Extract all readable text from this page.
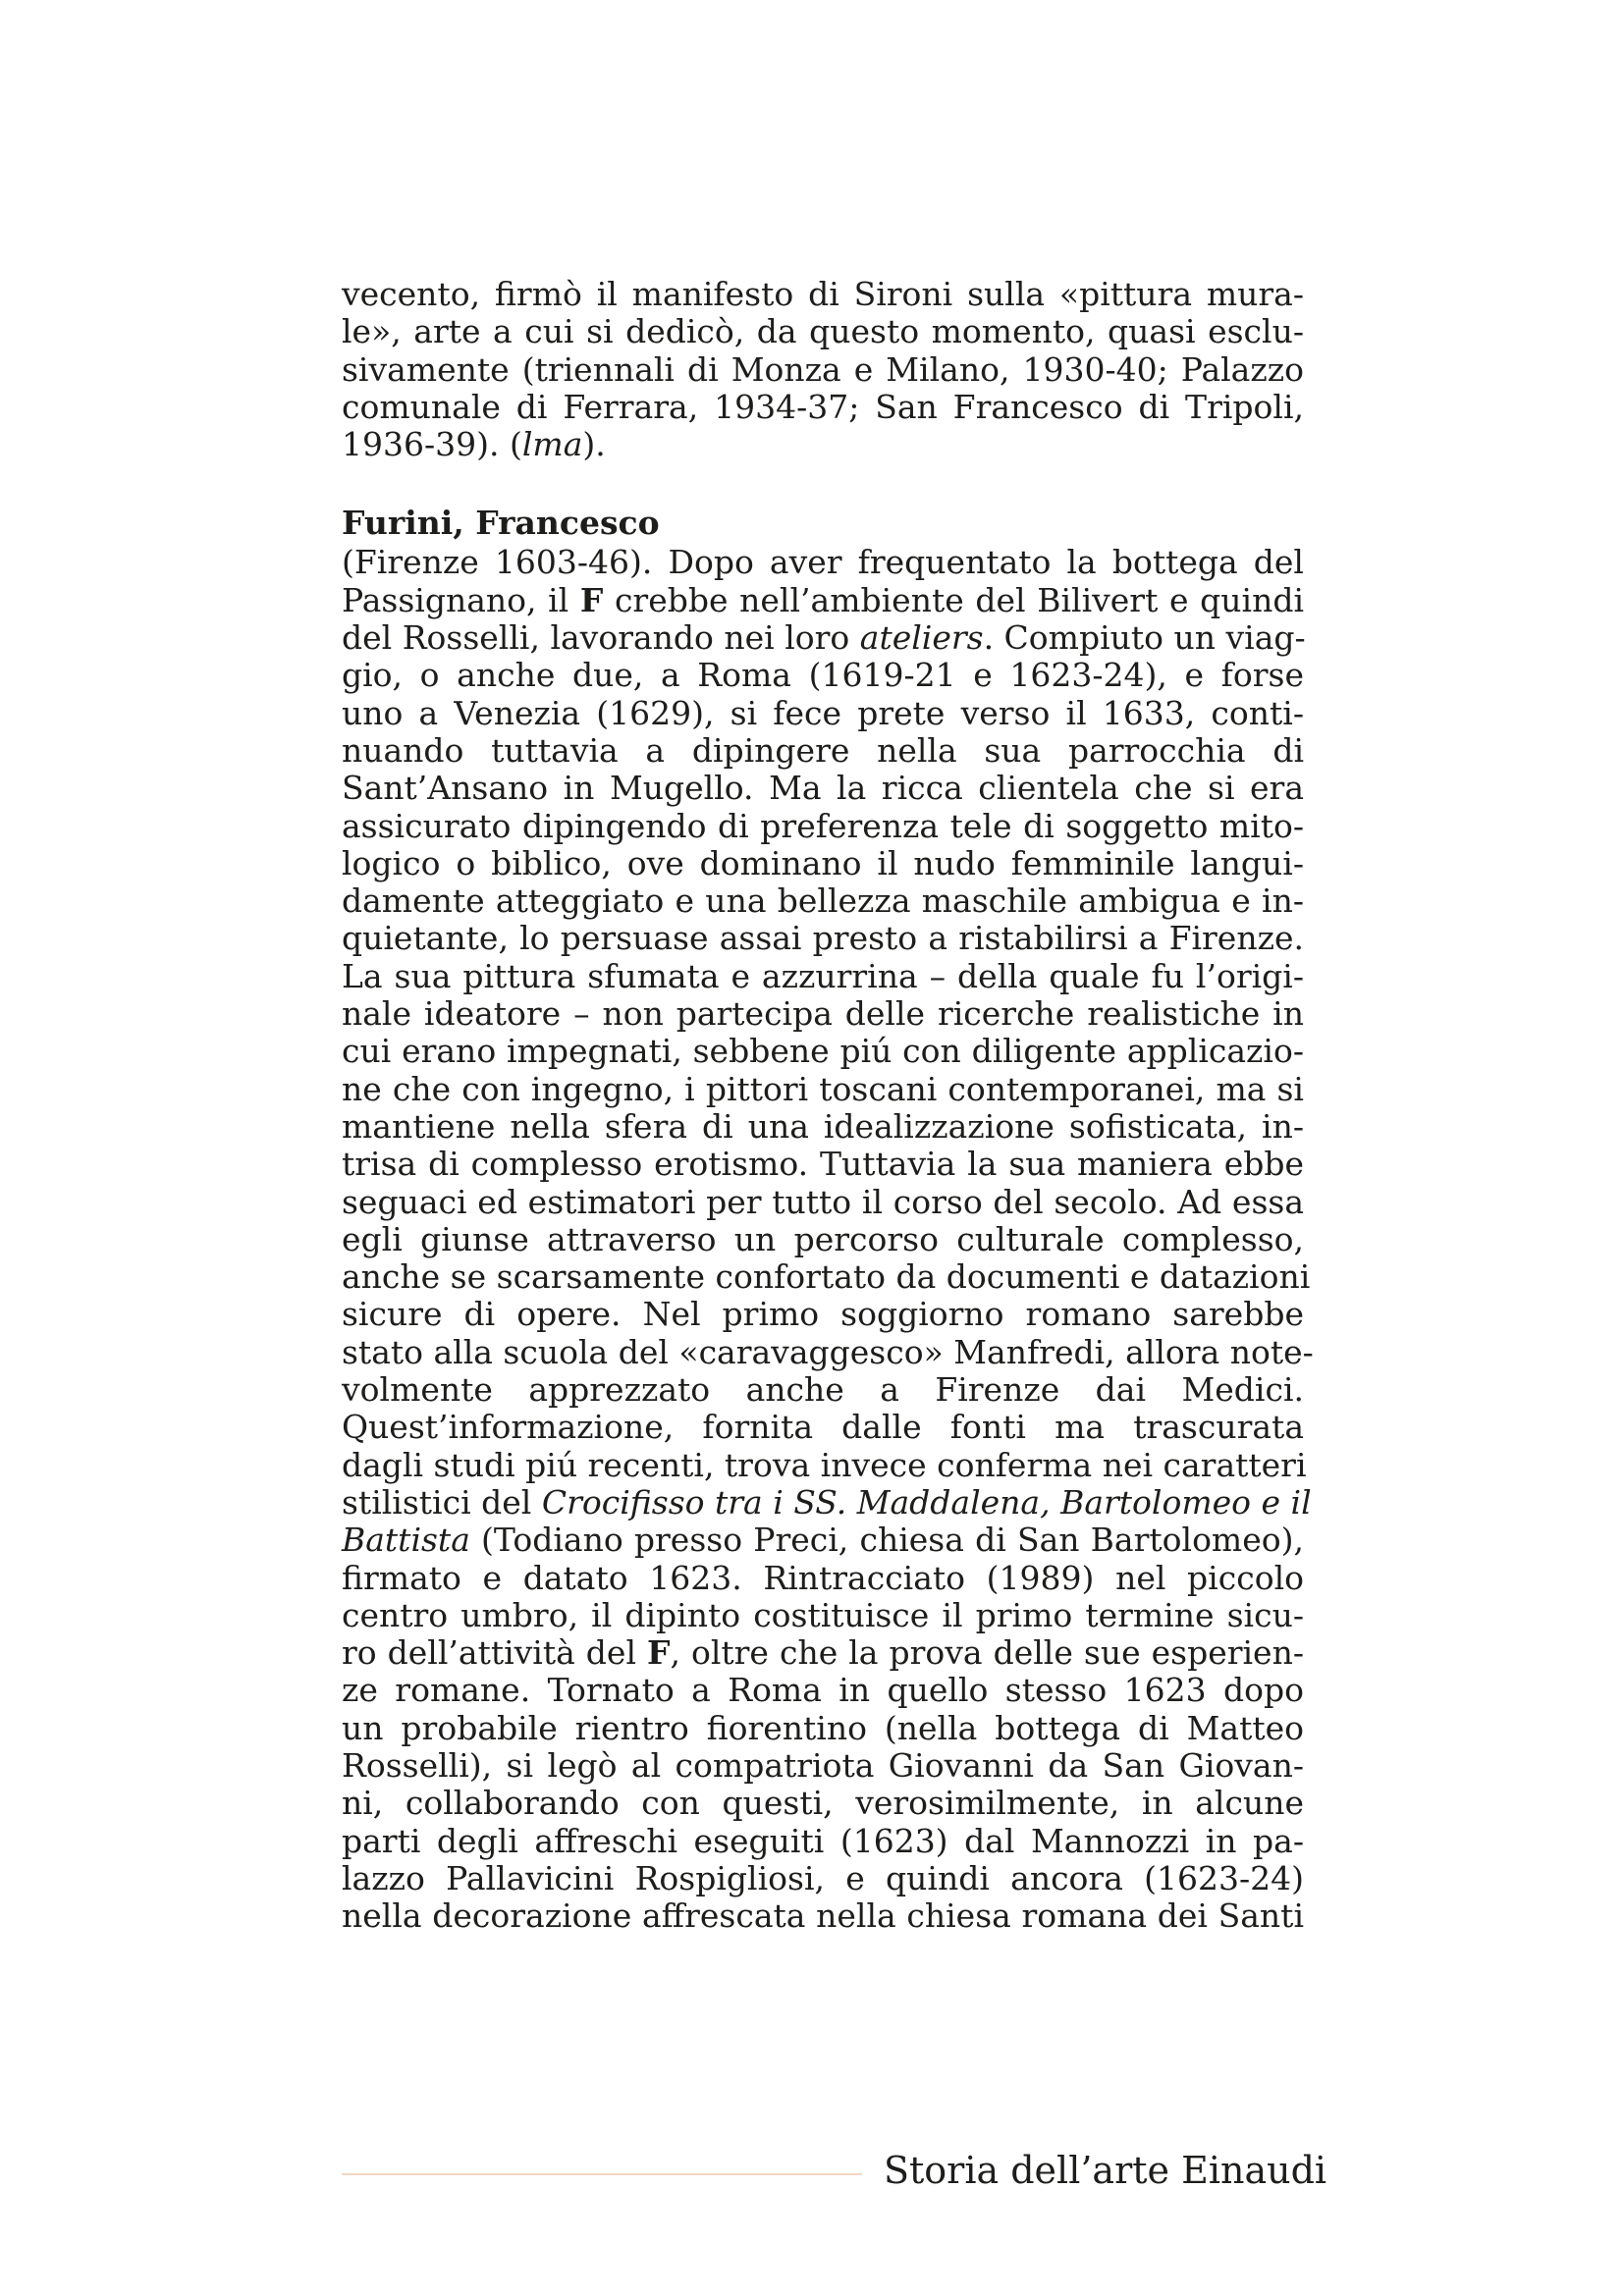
vecento, firmò il manifesto di Sironi sulla «pittura mura-
le», arte a cui si dedicò, da questo momento, quasi esclu-
sivamente (triennali di Monza e Milano, 1930-40; Palazzo
comunale di Ferrara, 1934-37; San Francesco di Tripoli,
1936-39). (lma).
Furini, Francesco
(Firenze 1603-46). Dopo aver frequentato la bottega del
Passignano, il F crebbe nell’ambiente del Bilivert e quindi
del Rosselli, lavorando nei loro ateliers. Compiuto un viag-
gio, o anche due, a Roma (1619-21 e 1623-24), e forse
uno a Venezia (1629), si fece prete verso il 1633, conti-
nuando tuttavia a dipingere nella sua parrocchia di
Sant’Ansano in Mugello. Ma la ricca clientela che si era
assicurato dipingendo di preferenza tele di soggetto mito-
logico o biblico, ove dominano il nudo femminile langui-
damente atteggiato e una bellezza maschile ambigua e in-
quietante, lo persuase assai presto a ristabilirsi a Firenze.
La sua pittura sfumata e azzurrina – della quale fu l’origi-
nale ideatore – non partecipa delle ricerche realistiche in
cui erano impegnati, sebbene piú con diligente applicazio-
ne che con ingegno, i pittori toscani contemporanei, ma si
mantiene nella sfera di una idealizzazione sofisticata, in-
trisa di complesso erotismo. Tuttavia la sua maniera ebbe
seguaci ed estimatori per tutto il corso del secolo. Ad essa
egli giunse attraverso un percorso culturale complesso,
anche se scarsamente confortato da documenti e datazioni
sicure di opere. Nel primo soggiorno romano sarebbe
stato alla scuola del «caravaggesco» Manfredi, allora note-
volmente apprezzato anche a Firenze dai Medici.
Quest’informazione, fornita dalle fonti ma trascurata
dagli studi piú recenti, trova invece conferma nei caratteri
stilistici del Crocifisso tra i SS. Maddalena, Bartolomeo e il
Battista (Todiano presso Preci, chiesa di San Bartolomeo),
firmato e datato 1623. Rintracciato (1989) nel piccolo
centro umbro, il dipinto costituisce il primo termine sicu-
ro dell’attività del F, oltre che la prova delle sue esperien-
ze romane. Tornato a Roma in quello stesso 1623 dopo
un probabile rientro fiorentino (nella bottega di Matteo
Rosselli), si legò al compatriota Giovanni da San Giovan-
ni, collaborando con questi, verosimilmente, in alcune
parti degli affreschi eseguiti (1623) dal Mannozzi in pa-
lazzo Pallavicini Rospigliosi, e quindi ancora (1623-24)
nella decorazione affrescata nella chiesa romana dei Santi
Storia dell’arte Einaudi
